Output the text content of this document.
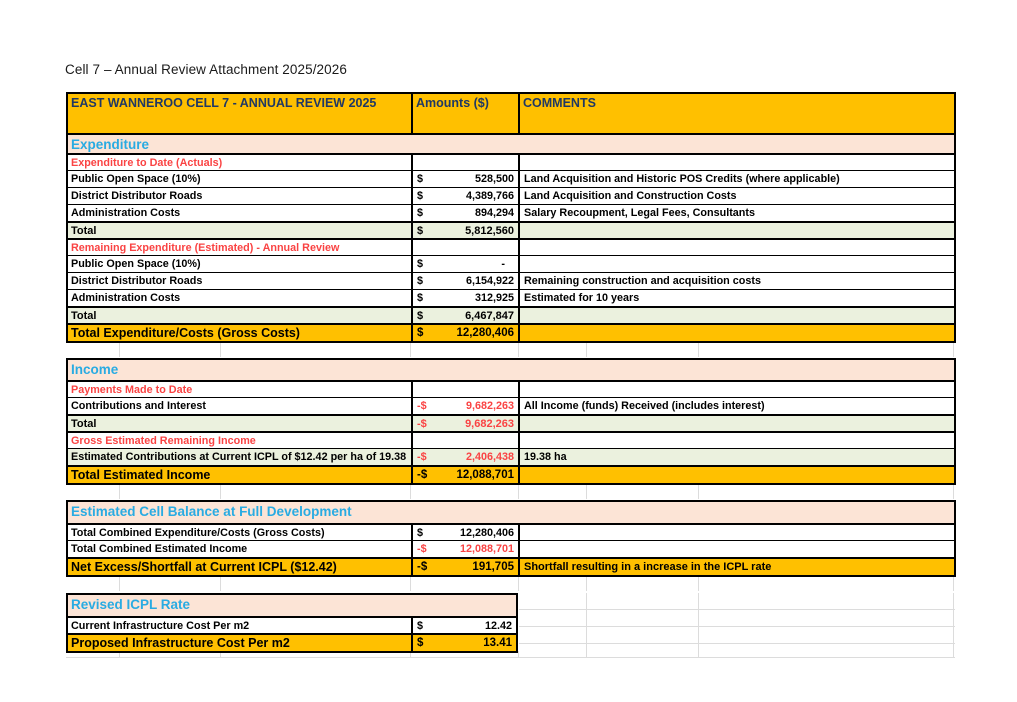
Cell 7 – Annual Review Attachment 2025/2026
EAST WANNEROO CELL 7 - ANNUAL REVIEW 2025	Amounts ($)	COMMENTS
Expenditure
Expenditure to Date (Actuals)
Public Open Space (10%)	$	528,500 Land Acquisition and Historic POS Credits (where applicable)
District Distributor Roads	$	4,389,766 Land Acquisition and Construction Costs
Administration Costs	$	894,294 Salary Recoupment, Legal Fees, Consultants
Total	$	5,812,560
Remaining Expenditure (Estimated) - Annual Review
Public Open Space (10%)	$	-
District Distributor Roads	$	6,154,922 Remaining construction and acquisition costs
Administration Costs	$	312,925 Estimated for 10 years
Total	$	6,467,847
Total Expenditure/Costs (Gross Costs)	$	12,280,406
Income
Payments Made to Date
Contributions and Interest	-$	9,682,263 All Income (funds) Received (includes interest)
Total	-$	9,682,263
Gross Estimated Remaining Income
Estimated Contributions at Current ICPL of $12.42 per ha of 19.38	-$	2,406,438 19.38 ha
Total Estimated Income	-$	12,088,701
Estimated Cell Balance at Full Development
Total Combined Expenditure/Costs (Gross Costs)	$	12,280,406
Total Combined Estimated Income	-$	12,088,701
Net Excess/Shortfall at Current ICPL ($12.42)	-$	191,705 Shortfall resulting in a increase in the ICPL rate
Revised ICPL Rate
Current Infrastructure Cost Per m2	$	12.42
Proposed Infrastructure Cost Per m2	$	13.41
